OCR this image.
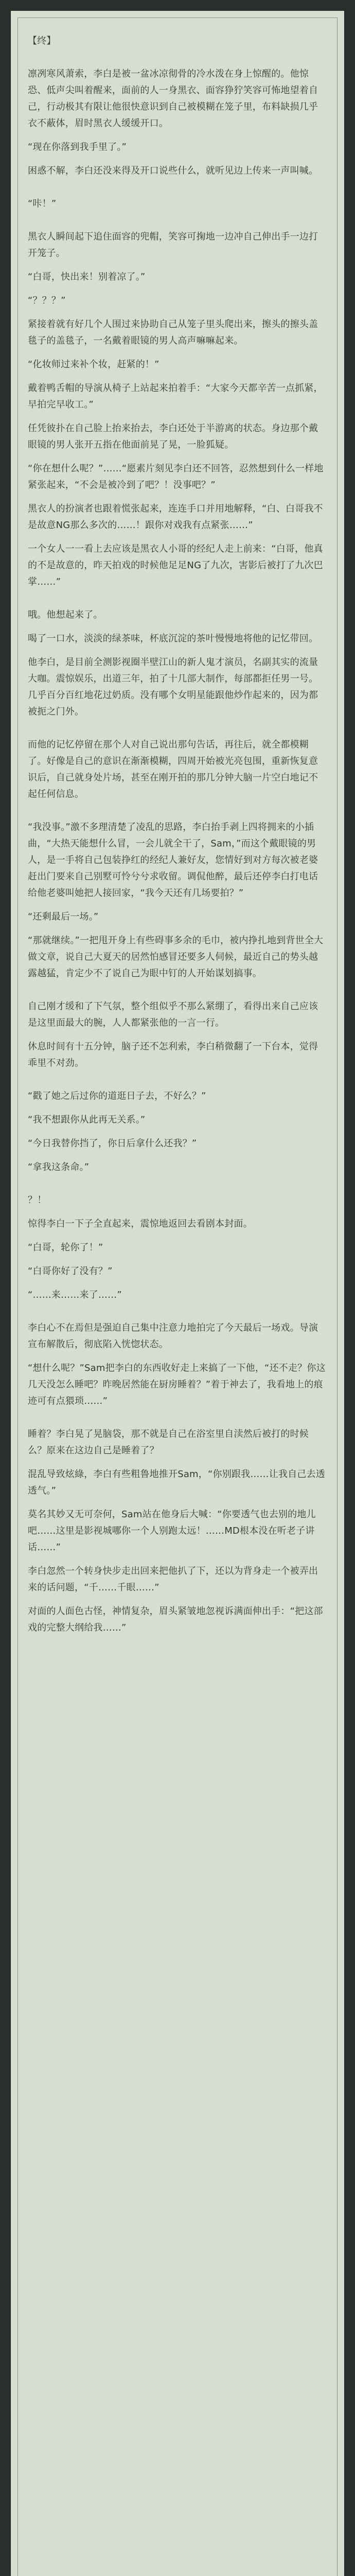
【终】

凛冽寒风萧索，李白是被一盆冰凉彻骨的冷水泼在身上惊醒的。他惊恐、低声尖叫着醒来，面前的人一身黑衣、面容狰狞笑容可怖地望着自己，行动极其有限让他很快意识到自己被模糊在笼子里，布料缺损几乎衣不蔽体，眉时黑衣人缓缓开口。

“现在你落到我手里了。”

困惑不解，李白还没来得及开口说些什么，就听见边上传来一声叫喊。

“咔！”

黑衣人瞬间起下追住面容的兜帽，笑容可掬地一边冲自己伸出手一边打开笼子。

“白哥，快出来！别着凉了。”

“？？？”

紧接着就有好几个人围过来协助自己从笼子里头爬出来，擦头的擦头盖毯子的盖毯子，一名戴着眼镜的男人高声嘛嘛起来。

“化妆师过来补个妆，赶紧的！”

戴着鸭舌帽的导演从椅子上站起来拍着手：“大家今天都辛苦一点抓紧，早拍完早收工。”

任凭彼扑在自己脸上抬来抬去，李白还处于半游离的状态。身边那个戴眼镜的男人张开五指在他面前晃了晃，一脸狐疑。

“你在想什么呢？”……“愿素片刻见李白还不回答，忍然想到什么一样地紧张起来，“不会是被冷到了吧？！没事吧？”

黑衣人的扮演者也跟着慌张起来，连连手口并用地解释，“白、白哥我不是故意NG那么多次的……！跟你对戏我有点紧张……”

一个女人一一看上去应该是黑衣人小哥的经纪人走上前来：“白哥，他真的不是故意的，昨天拍戏的时候他足足NG了九次，害影后被打了九次巴掌……”

哦。他想起来了。

喝了一口水，淡淡的绿茶味，杯底沉淀的茶叶慢慢地将他的记忆带回。

他李白，是目前全测影视圈半壁江山的新人鬼才演员，名副其实的流量大咖。震惊娱乐，出道三年，拍了十几部大制作，每部都拒任男一号。几乎百分百红地花过奶质。没有哪个女明星能跟他炒作起来的，因为都被扼之门外。

而他的记忆停留在那个人对自己说出那句告话，再往后，就全都模糊了。好像是自己的意识在渐渐模糊，四周开始被光亮包围，重新恢复意识后，自己就身处片场，甚至在刚开拍的那几分钟大脑一片空白地记不起任何信息。

“我没事。”激不多理清楚了凌乱的思路，李白抬手剥上四将拥来的小插曲，“大热天能想什么冒，一会儿就全干了，Sam，”而这个戴眼镜的男人，是一手将自己包装挣红的经纪人兼好友，您情好到对方每次被老婆赶出门要来自己别墅可怜兮兮求收留。调侃他醉，最后还停李白打电话给他老婆叫她把人接回家，“我今天还有几场要拍？”

“还剩最后一场。”

“那就继续。”一把甩开身上有些碍事多余的毛巾，被内挣扎地到背世全大做文章，说自己大夏天的居然怕感冒还要多人伺候，最近自己的势头越露越猛，肯定少不了说自己为眼中钉的人开始谋划搞事。

自己刚才缓和了下气氛，整个组似乎不那么紧绷了，看得出来自己应该是这里面最大的腕，人人都紧张他的一言一行。

休息时间有十五分钟，脑子还不怎利索，李白稍微翻了一下台本，觉得乖里不对劲。

“戳了她之后过你的道逛日子去，不好么？”

“我不想跟你从此再无关系。”

“今日我替你挡了，你日后拿什么还我？”

“拿我这条命。”

？！

惊得李白一下子全直起来，震惊地返回去看剧本封面。

“白哥，轮你了！”

“白哥你好了没有？”

“……来……来了……”

李白心不在焉但是强迫自己集中注意力地拍完了今天最后一场戏。导演宣布解散后，彻底陷入恍惚状态。

“想什么呢？”Sam把李白的东西收好走上来搞了一下他，“还不走？你这几天没怎么睡吧？昨晚居然能在厨房睡着？”着于神去了，我看地上的痕迹可有点猥琐……”

睡着？李白晃了晃脑袋，那不就是自己在浴室里自渎然后被打的时候么？原来在这边自己是睡着了？

混乱导致炫綠，李白有些粗鲁地推开Sam，“你别跟我……让我自己去透透气。”

莫名其妙又无可奈何，Sam站在他身后大喊：“你要透气也去别的地儿吧……这里是影视城哪你一个人别跑太远！……MD根本没在听老子讲话……”

李白忽然一个转身快步走出回来把他扒了下，还以为背身走一个被弄出来的话问题，“千……千眼……”

对面的人面色古怪，神情复杂，眉头紧皱地忽视诉满面伸出手：“把这部戏的完整大纲给我……”
